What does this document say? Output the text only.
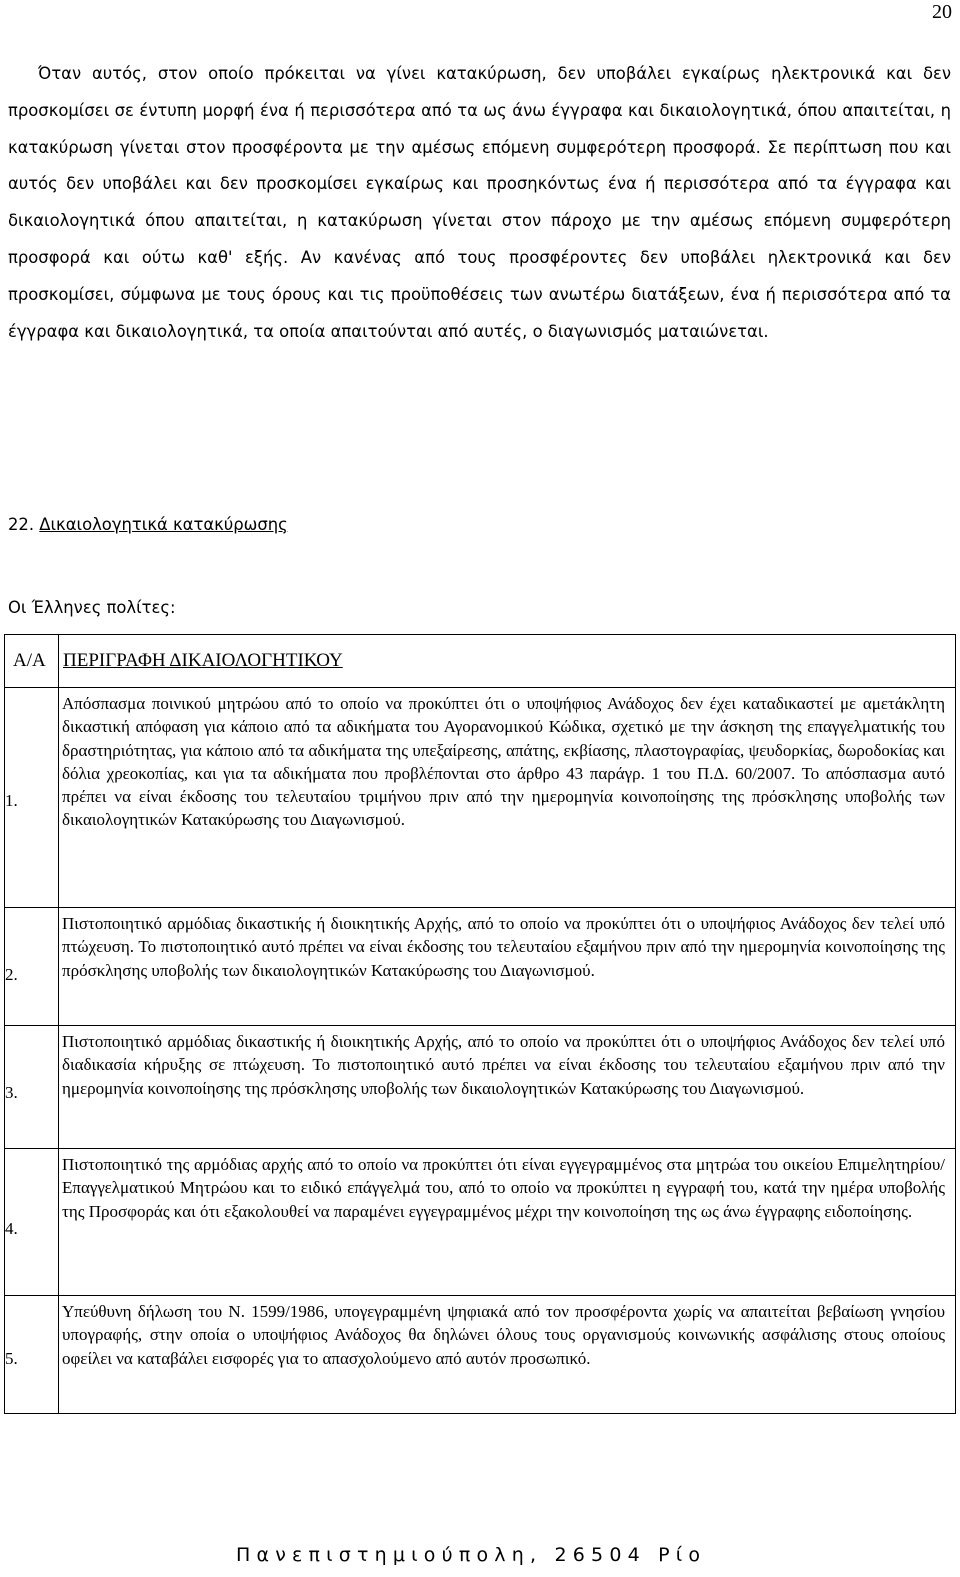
20

Όταν αυτός, στον οποίο πρόκειται να γίνει κατακύρωση, δεν υποβάλει εγκαίρως ηλεκτρονικά και δεν προσκομίσει σε έντυπη μορφή ένα ή περισσότερα από τα ως άνω έγγραφα και δικαιολογητικά, όπου απαιτείται, η κατακύρωση γίνεται στον προσφέροντα με την αμέσως επόμενη συμφερότερη προσφορά. Σε περίπτωση που και αυτός δεν υποβάλει και δεν προσκομίσει εγκαίρως και προσηκόντως ένα ή περισσότερα από τα έγγραφα και δικαιολογητικά όπου απαιτείται, η κατακύρωση γίνεται στον πάροχο με την αμέσως επόμενη συμφερότερη προσφορά και ούτω καθ' εξής. Αν κανένας από τους προσφέροντες δεν υποβάλει ηλεκτρονικά και δεν προσκομίσει, σύμφωνα με τους όρους και τις προϋποθέσεις των ανωτέρω διατάξεων, ένα ή περισσότερα από τα έγγραφα και δικαιολογητικά, τα οποία απαιτούνται από αυτές, ο διαγωνισμός ματαιώνεται.

22. Δικαιολογητικά κατακύρωσης
Οι Έλληνες πολίτες:
Α/Α	ΠΕΡΙΓΡΑΦΗ ΔΙΚΑΙΟΛΟΓΗΤΙΚΟΥ
1.	Απόσπασμα ποινικού μητρώου από το οποίο να προκύπτει ότι ο υποψήφιος Ανάδοχος δεν έχει καταδικαστεί με αμετάκλητη δικαστική απόφαση για κάποιο από τα αδικήματα του Αγορανομικού Κώδικα, σχετικό με την άσκηση της επαγγελματικής του δραστηριότητας, για κάποιο από τα αδικήματα της υπεξαίρεσης, απάτης, εκβίασης, πλαστογραφίας, ψευδορκίας, δωροδοκίας και δόλια χρεοκοπίας, και για τα αδικήματα που προβλέπονται στο άρθρο 43 παράγρ. 1 του Π.Δ. 60/2007. Το απόσπασμα αυτό πρέπει να είναι έκδοσης του τελευταίου τριμήνου πριν από την ημερομηνία κοινοποίησης της πρόσκλησης υποβολής των δικαιολογητικών Κατακύρωσης του Διαγωνισμού.

2.	Πιστοποιητικό αρμόδιας δικαστικής ή διοικητικής Αρχής, από το οποίο να προκύπτει ότι ο υποψήφιος Ανάδοχος δεν τελεί υπό πτώχευση. Το πιστοποιητικό αυτό πρέπει να είναι έκδοσης του τελευταίου εξαμήνου πριν από την ημερομηνία κοινοποίησης της πρόσκλησης υποβολής των δικαιολογητικών Κατακύρωσης του Διαγωνισμού.

3.	Πιστοποιητικό αρμόδιας δικαστικής ή διοικητικής Αρχής, από το οποίο να προκύπτει ότι ο υποψήφιος Ανάδοχος δεν τελεί υπό διαδικασία κήρυξης σε πτώχευση. Το πιστοποιητικό αυτό πρέπει να είναι έκδοσης του τελευταίου εξαμήνου πριν από την ημερομηνία κοινοποίησης της πρόσκλησης υποβολής των δικαιολογητικών Κατακύρωσης του Διαγωνισμού.

4.	Πιστοποιητικό της αρμόδιας αρχής από το οποίο να προκύπτει ότι είναι εγγεγραμμένος στα μητρώα του οικείου Επιμελητηρίου/Επαγγελματικού Μητρώου και το ειδικό επάγγελμά του, από το οποίο να προκύπτει η εγγραφή του, κατά την ημέρα υποβολής της Προσφοράς και ότι εξακολουθεί να παραμένει εγγεγραμμένος μέχρι την κοινοποίηση της ως άνω έγγραφης ειδοποίησης.

5.	Υπεύθυνη δήλωση του Ν. 1599/1986, υπογεγραμμένη ψηφιακά από τον προσφέροντα χωρίς να απαιτείται βεβαίωση γνησίου υπογραφής, στην οποία ο υποψήφιος Ανάδοχος θα δηλώνει όλους τους οργανισμούς κοινωνικής ασφάλισης στους οποίους οφείλει να καταβάλει εισφορές για το απασχολούμενο από αυτόν προσωπικό.

Πανεπιστημιούπολη, 26504 Ρίο
